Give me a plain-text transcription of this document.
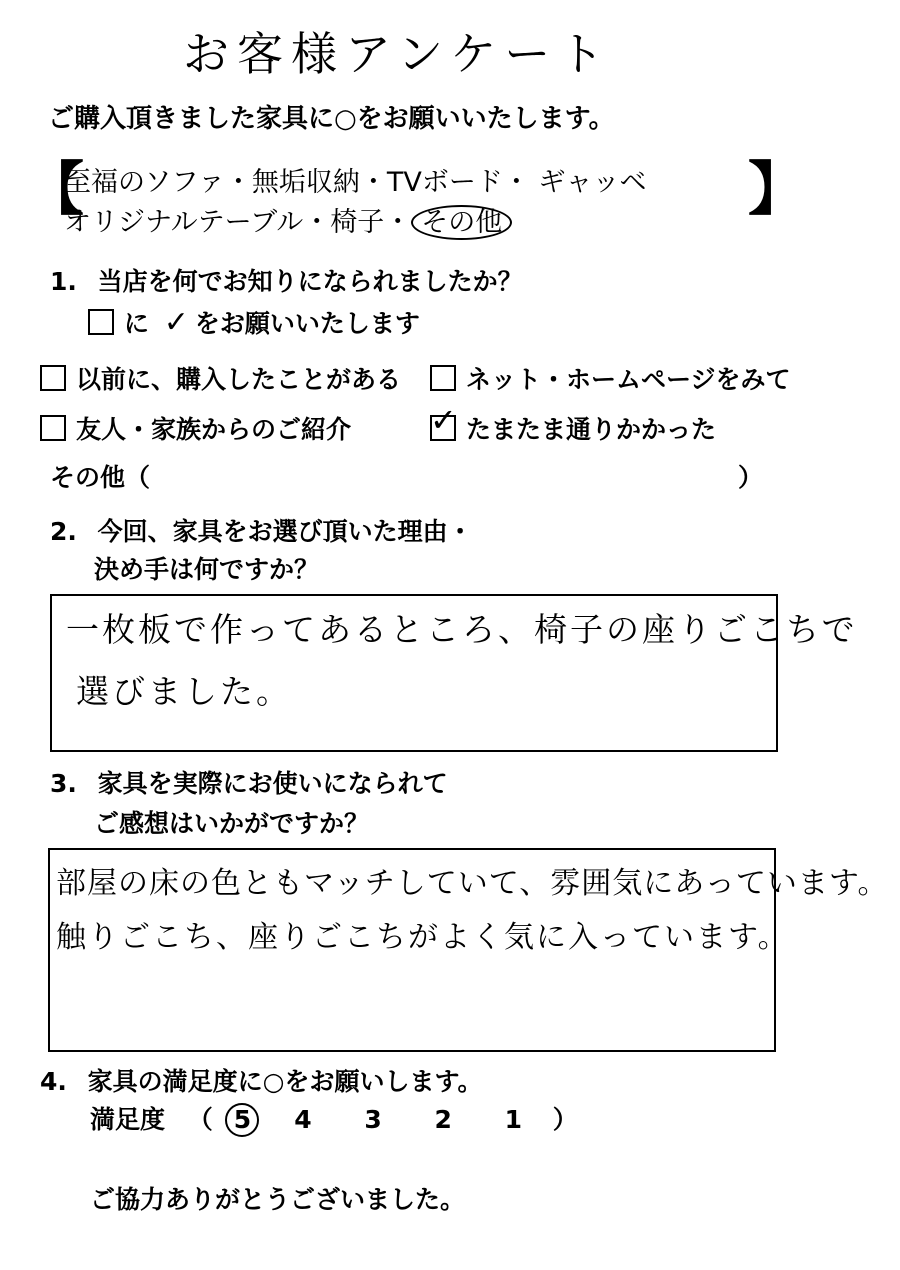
お客様アンケート
ご購入頂きました家具に○をお願いいたします。
【
至福のソファ・無垢収納・TVボード・ ギャッベ
オリジナルテーブル・椅子・ その他	】
1. 当店を何でお知りになられましたか？
に ✓ をお願いいたします
以前に、購入したことがある	ネット・ホームページをみて
友人・家族からのご紹介 ✓ たまたま通りかかった
その他（	）
2. 今回、家具をお選び頂いた理由・
決め手は何ですか？
一枚板で作ってあるところ、椅子の座りごこちで
選びました。
3. 家具を実際にお使いになられて
ご感想はいかがですか？
部屋の床の色ともマッチしていて、雰囲気にあっています。
触りごこち、座りごこちがよく気に入っています。
4. 家具の満足度に○をお願いします。
満足度 （ 5 4 3 2 1 ）
ご協力ありがとうございました。
